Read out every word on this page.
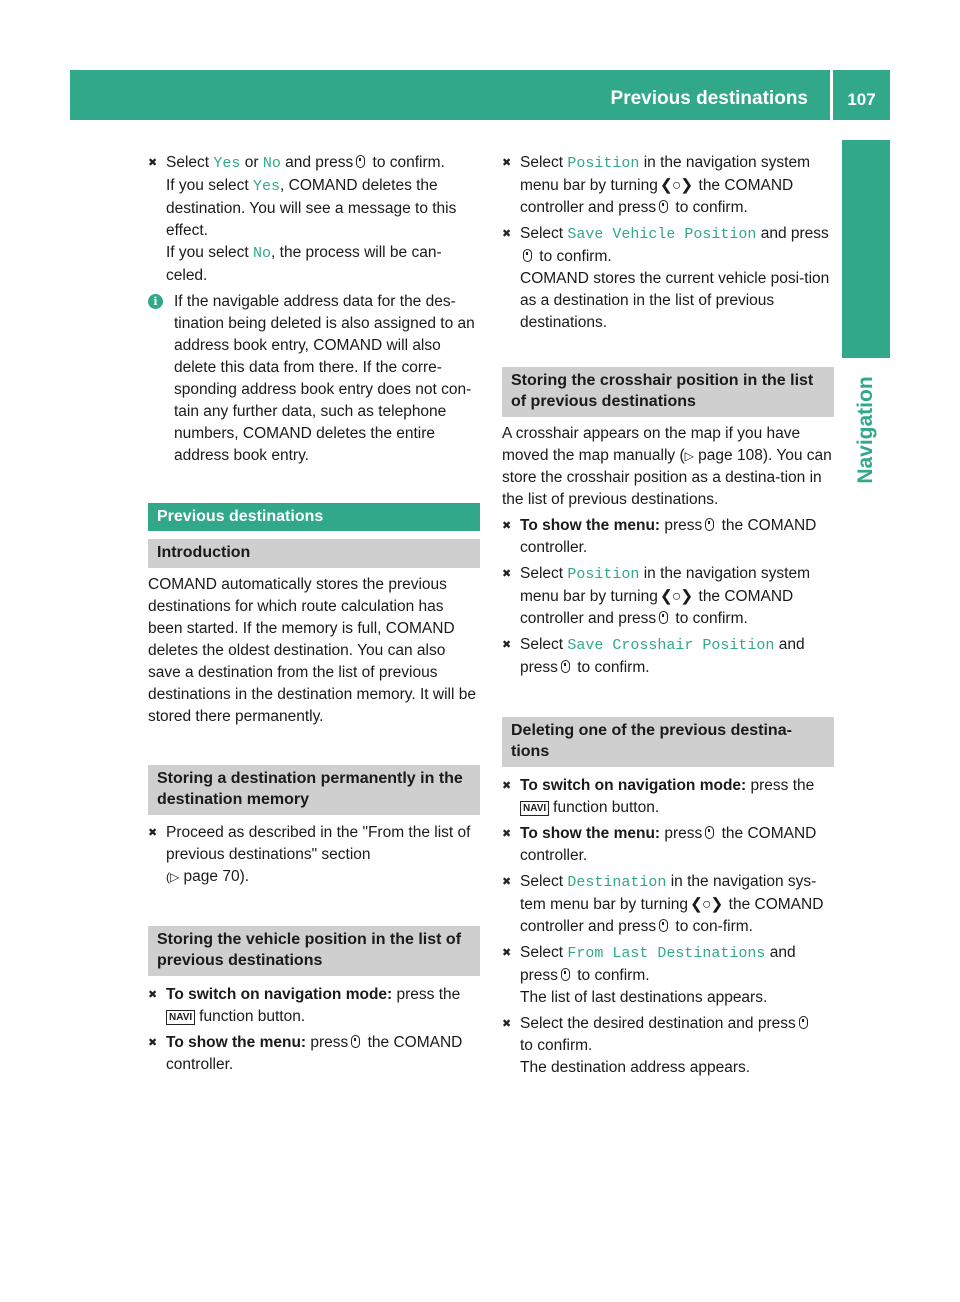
Previous destinations	107
Navigation

✖ Select Yes or No and press to confirm.

If you select Yes, COMAND deletes the destination. You will see a message to this effect.

If you select No, the process will be can-celed.

i	If the navigable address data for the des-tination being deleted is also assigned to an address book entry, COMAND will also delete this data from there. If the corre-sponding address book entry does not con-tain any further data, such as telephone numbers, COMAND deletes the entire address book entry.

Previous destinations
Introduction

COMAND automatically stores the previous destinations for which route calculation has been started. If the memory is full, COMAND deletes the oldest destination. You can also save a destination from the list of previous destinations in the destination memory. It will be stored there permanently.

Storing a destination permanently in the destination memory

✖ Proceed as described in the "From the list of previous destinations" section
(▷ page 70).

Storing the vehicle position in the list of previous destinations

✖ To switch on navigation mode: press the
NAVI function button.

✖ To show the menu: press the COMAND controller.

✖ Select Position in the navigation system menu bar by turning ❮○❯ the COMAND controller and press to confirm.

✖ Select Save Vehicle Position and press
to confirm.

COMAND stores the current vehicle posi-tion as a destination in the list of previous destinations.

Storing the crosshair position in the list of previous destinations

A crosshair appears on the map if you have moved the map manually (▷ page 108). You can store the crosshair position as a destina-tion in the list of previous destinations.

✖ To show the menu: press the COMAND controller.

✖ Select Position in the navigation system menu bar by turning ❮○❯ the COMAND controller and press to confirm.

✖ Select Save Crosshair Position and press to confirm.

Deleting one of the previous destina-tions

✖ To switch on navigation mode: press the
NAVI function button.

✖ To show the menu: press the COMAND controller.

✖ Select Destination in the navigation sys-tem menu bar by turning ❮○❯ the COMAND controller and press to con-firm.

✖ Select From Last Destinations and press to confirm.

The list of last destinations appears.

✖ Select the desired destination and press
to confirm.

The destination address appears.
